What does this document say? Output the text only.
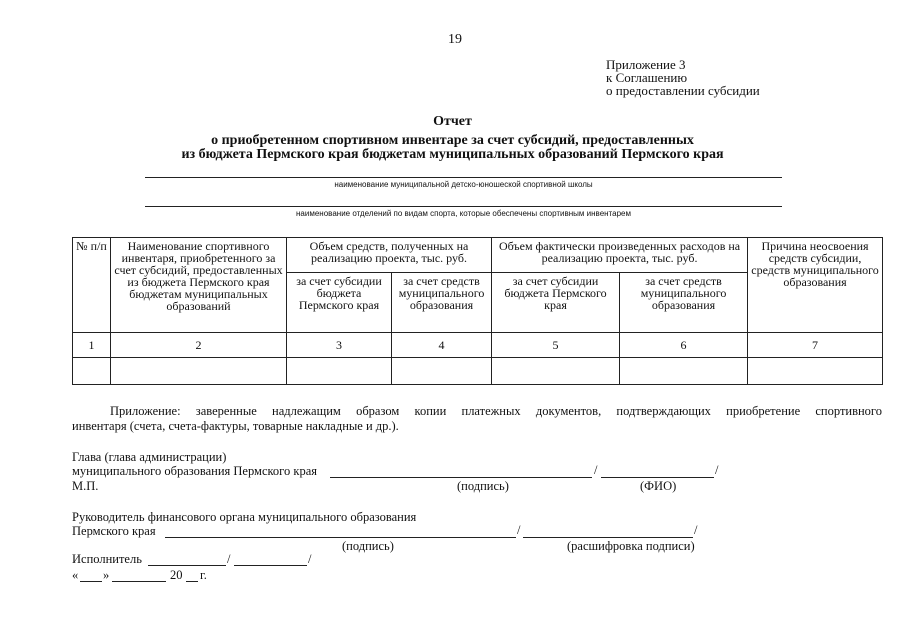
19
Приложение 3
к Соглашению
о предоставлении субсидии
Отчет
о приобретенном спортивном инвентаре за счет субсидий, предоставленных
из бюджета Пермского края бюджетам муниципальных образований Пермского края
наименование муниципальной детско-юношеской спортивной школы
наименование отделений по видам спорта, которые обеспечены спортивным инвентарем
№ п/п	Наименование спортивного инвентаря, приобретенного за счет субсидий, предоставленных из бюджета Пермского края бюджетам муниципальных образований	Объем средств, полученных на реализацию проекта, тыс. руб.		Объем фактически произведенных расходов на реализацию проекта, тыс. руб.		Причина неосвоения средств субсидии, средств муниципального образования
		за счет субсидии бюджета Пермского края	за счет средств муниципального образования	за счет субсидии бюджета Пермского края	за счет средств муниципального образования	
1	2	3	4	5	6	7

Приложение: заверенные надлежащим образом копии платежных документов, подтверждающих приобретение спортивного
инвентаря (счета, счета-фактуры, товарные накладные и др.).
Глава (глава администрации)
муниципального образования Пермского края	/	/
М.П.	(подпись)	(ФИО)
Руководитель финансового органа муниципального образования
Пермского края	/	/
(подпись)	(расшифровка подписи)
Исполнитель	/	/
« »	20 г.
